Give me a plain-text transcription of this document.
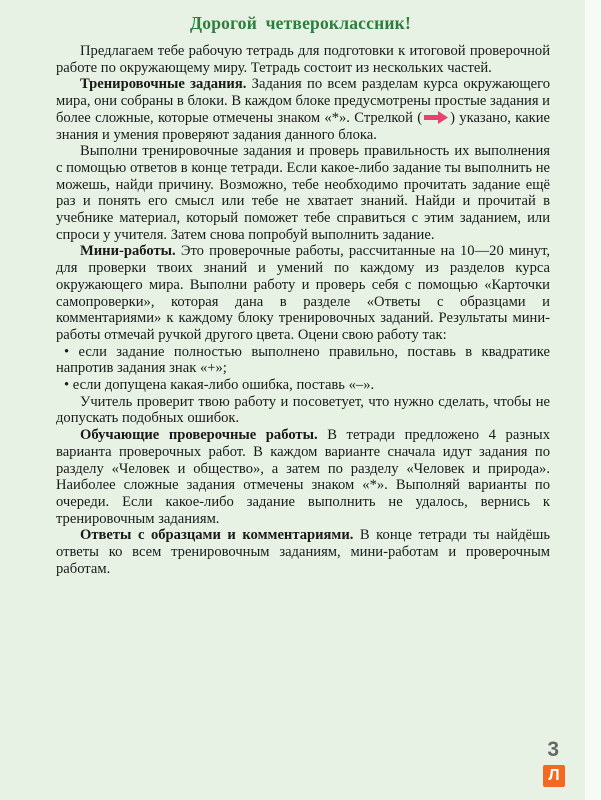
Дорогой четвероклассник!

Предлагаем тебе рабочую тетрадь для подготовки к итоговой проверочной работе по окружающему миру. Тетрадь состоит из нескольких частей.

Тренировочные задания. Задания по всем разделам курса окружающего мира, они собраны в блоки. В каждом блоке предусмотрены простые задания и более сложные, которые отмечены знаком «*». Стрелкой ( ) указано, какие знания и умения проверяют задания данного блока.

Выполни тренировочные задания и проверь правильность их выполнения с помощью ответов в конце тетради. Если какое-либо задание ты выполнить не можешь, найди причину. Возможно, тебе необходимо прочитать задание ещё раз и понять его смысл или тебе не хватает знаний. Найди и прочитай в учебнике материал, который поможет тебе справиться с этим заданием, или спроси у учителя. Затем снова попробуй выполнить задание.

Мини-работы. Это проверочные работы, рассчитанные на 10—20 минут, для проверки твоих знаний и умений по каждому из разделов курса окружающего мира. Выполни работу и проверь себя с помощью «Карточки самопроверки», которая дана в разделе «Ответы с образцами и комментариями» к каждому блоку тренировочных заданий. Результаты мини-работы отмечай ручкой другого цвета. Оцени свою работу так:

• если задание полностью выполнено правильно, поставь в квадратике напротив задания знак «+»;

• если допущена какая-либо ошибка, поставь «–».

Учитель проверит твою работу и посоветует, что нужно сделать, чтобы не допускать подобных ошибок.

Обучающие проверочные работы. В тетради предложено 4 разных варианта проверочных работ. В каждом варианте сначала идут задания по разделу «Человек и общество», а затем по разделу «Человек и природа». Наиболее сложные задания отмечены знаком «*». Выполняй варианты по очереди. Если какое-либо задание выполнить не удалось, вернись к тренировочным заданиям.

Ответы с образцами и комментариями. В конце тетради ты найдёшь ответы ко всем тренировочным заданиям, мини-работам и проверочным работам.

3
Л
